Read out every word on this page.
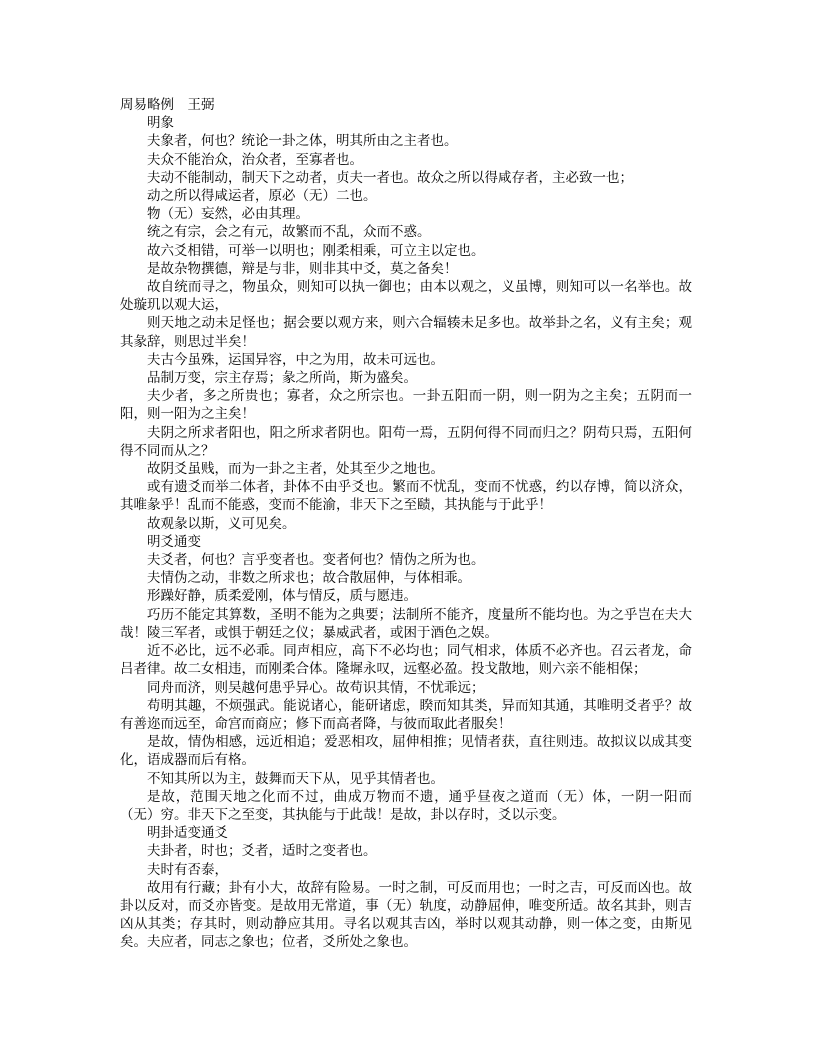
周易略例　王弼
明象

夫象者，何也？统论一卦之体，明其所由之主者也。

夫众不能治众，治众者，至寡者也。

夫动不能制动，制天下之动者，贞夫一者也。故众之所以得咸存者，主必致一也；

动之所以得咸运者，原必（无）二也。

物（无）妄然，必由其理。

统之有宗，会之有元，故繁而不乱，众而不惑。

故六爻相错，可举一以明也；刚柔相乘，可立主以定也。

是故杂物撰德，辩是与非，则非其中爻，莫之备矣！

故自统而寻之，物虽众，则知可以执一御也；由本以观之，义虽博，则知可以一名举也。故处璇玑以观大运，

则天地之动未足怪也；据会要以观方来，则六合辐辏未足多也。故举卦之名，义有主矣；观其彖辞，则思过半矣！

夫古今虽殊，运国异容，中之为用，故未可远也。

品制万变，宗主存焉；彖之所尚，斯为盛矣。

夫少者，多之所贵也；寡者，众之所宗也。一卦五阳而一阴，则一阴为之主矣；五阴而一阳，则一阳为之主矣！

夫阴之所求者阳也，阳之所求者阴也。阳苟一焉，五阴何得不同而归之？阴苟只焉，五阳何得不同而从之？

故阴爻虽贱，而为一卦之主者，处其至少之地也。

或有遗爻而举二体者，卦体不由乎爻也。繁而不忧乱，变而不忧惑，约以存博，简以济众，其唯彖乎！乱而不能惑，变而不能渝，非天下之至赜，其执能与于此乎！

故观彖以斯，义可见矣。

明爻通变

夫爻者，何也？言乎变者也。变者何也？情伪之所为也。

夫情伪之动，非数之所求也；故合散屈伸，与体相乖。

形躁好静，质柔爱刚，体与情反，质与愿违。

巧历不能定其算数，圣明不能为之典要；法制所不能齐，度量所不能均也。为之乎岂在夫大哉！陵三军者，或惧于朝廷之仪；暴威武者，或困于酒色之娱。

近不必比，远不必乖。同声相应，高下不必均也；同气相求，体质不必齐也。召云者龙，命吕者律。故二女相违，而刚柔合体。隆墀永叹，远壑必盈。投戈散地，则六亲不能相保；

同舟而济，则吴越何患乎异心。故苟识其情，不忧乖远；

苟明其趣，不烦强武。能说诸心，能研诸虑，睽而知其类，异而知其通，其唯明爻者乎？故有善迩而远至，命宫而商应；修下而高者降，与彼而取此者服矣！

是故，情伪相感，远近相追；爱恶相攻，屈伸相推；见情者获，直往则违。故拟议以成其变化，语成器而后有格。

不知其所以为主，鼓舞而天下从，见乎其情者也。

是故，范围天地之化而不过，曲成万物而不遗，通乎昼夜之道而（无）体，一阴一阳而（无）穷。非天下之至变，其执能与于此哉！是故，卦以存时，爻以示变。

明卦适变通爻

夫卦者，时也；爻者，适时之变者也。

夫时有否泰，

故用有行藏；卦有小大，故辞有险易。一时之制，可反而用也；一时之吉，可反而凶也。故卦以反对，而爻亦皆变。是故用无常道，事（无）轨度，动静屈伸，唯变所适。故名其卦，则吉凶从其类；存其时，则动静应其用。寻名以观其吉凶，举时以观其动静，则一体之变，由斯见矣。夫应者，同志之象也；位者，爻所处之象也。
